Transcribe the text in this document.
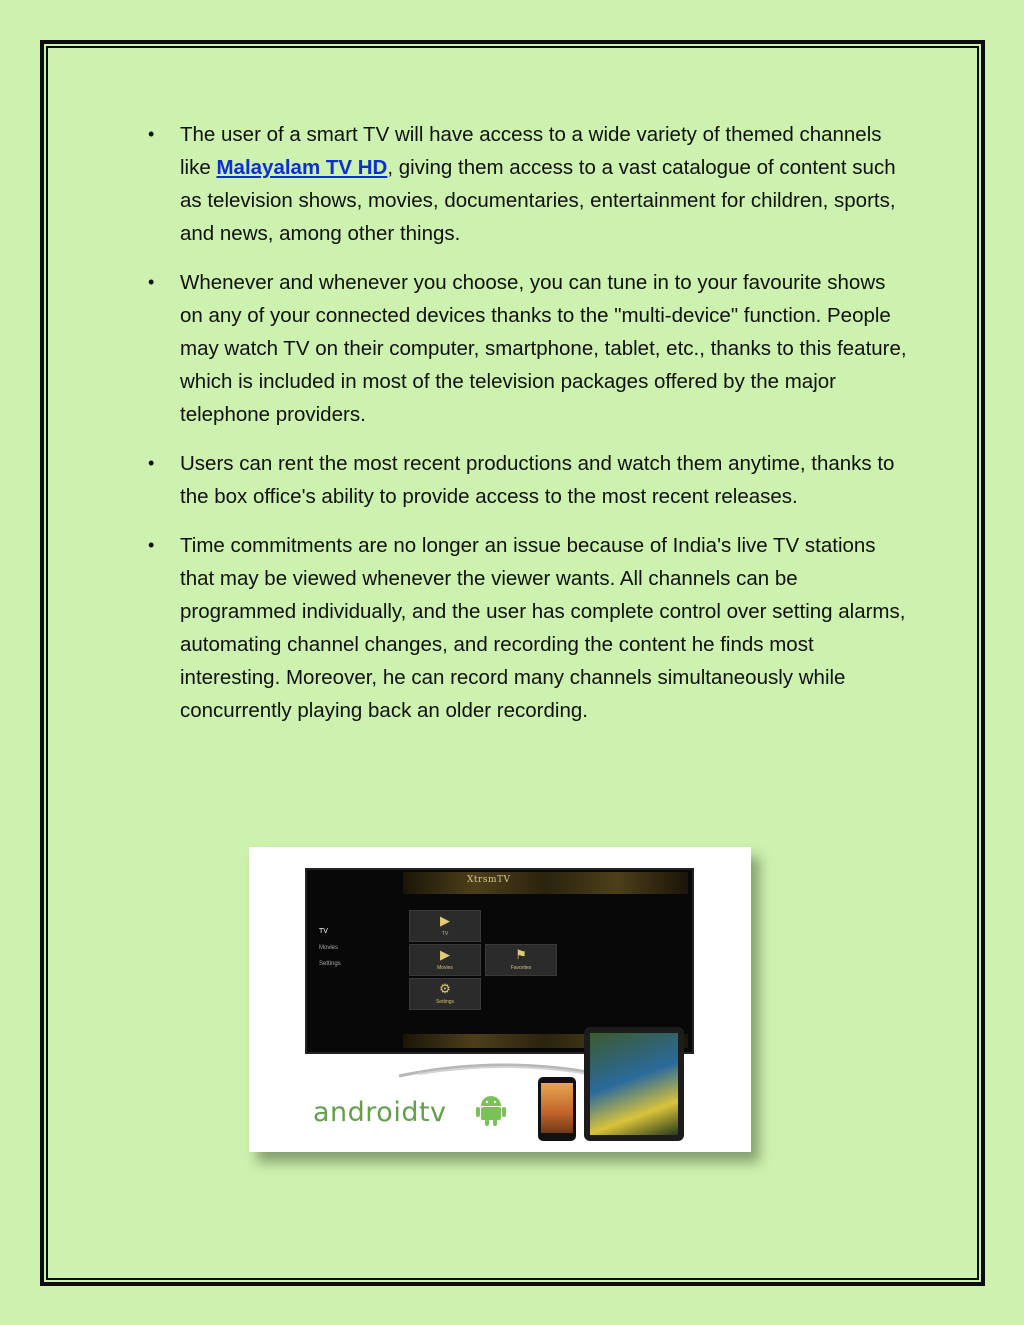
• The user of a smart TV will have access to a wide variety of themed channels like Malayalam TV HD, giving them access to a vast catalogue of content such as television shows, movies, documentaries, entertainment for children, sports, and news, among other things.
• Whenever and whenever you choose, you can tune in to your favourite shows on any of your connected devices thanks to the "multi-device" function. People may watch TV on their computer, smartphone, tablet, etc., thanks to this feature, which is included in most of the television packages offered by the major telephone providers.
• Users can rent the most recent productions and watch them anytime, thanks to the box office's ability to provide access to the most recent releases.
• Time commitments are no longer an issue because of India's live TV stations that may be viewed whenever the viewer wants. All channels can be programmed individually, and the user has complete control over setting alarms, automating channel changes, and recording the content he finds most interesting. Moreover, he can record many channels simultaneously while concurrently playing back an older recording.
XtrsmTV
TV
Movies
Settings
▶
TV
▶
Movies
⚑
Favorites
⚙
Settings
androidtv
